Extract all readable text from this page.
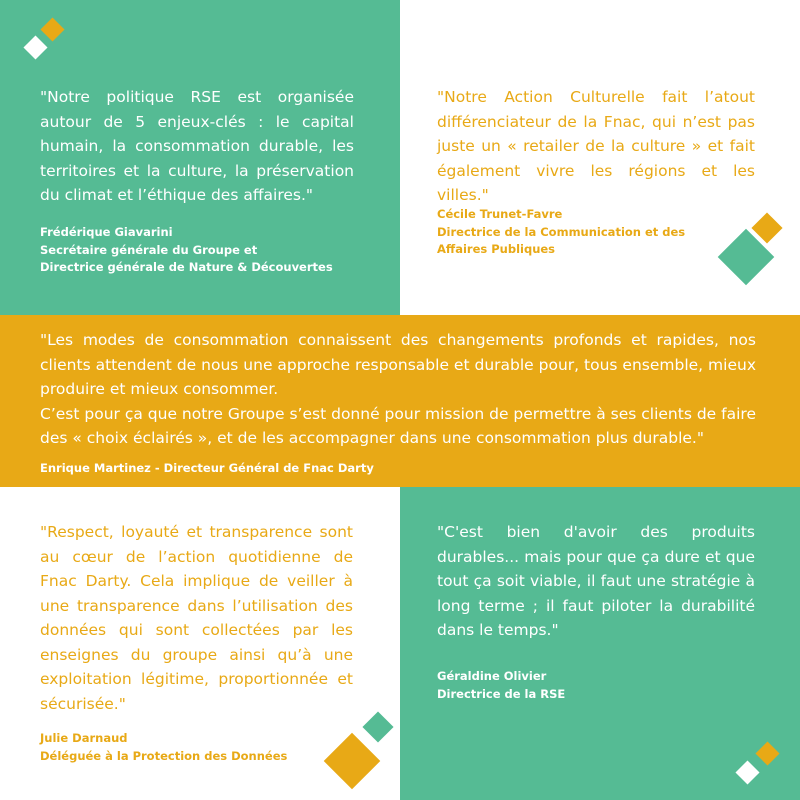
"Notre politique RSE est organisée autour de 5 enjeux-clés : le capital humain, la consommation durable, les territoires et la culture, la préservation du climat et l’éthique des affaires."

Frédérique Giavarini
Secrétaire générale du Groupe et
Directrice générale de Nature & Découvertes

"Notre Action Culturelle fait l’atout différenciateur de la Fnac, qui n’est pas juste un « retailer de la culture » et fait également vivre les régions et les villes."

Cécile Trunet-Favre
Directrice de la Communication et des
Affaires Publiques
"Les modes de consommation connaissent des changements profonds et rapides, nos clients attendent de nous une approche responsable et durable pour, tous ensemble, mieux produire et mieux consommer.
C’est pour ça que notre Groupe s’est donné pour mission de permettre à ses clients de faire des « choix éclairés », et de les accompagner dans une consommation plus durable."
Enrique Martinez - Directeur Général de Fnac Darty

"Respect, loyauté et transparence sont au cœur de l’action quotidienne de Fnac Darty. Cela implique de veiller à une transparence dans l’utilisation des données qui sont collectées par les enseignes du groupe ainsi qu’à une exploitation légitime, proportionnée et sécurisée."

Julie Darnaud
Déléguée à la Protection des Données

"C'est bien d'avoir des produits durables... mais pour que ça dure et que tout ça soit viable, il faut une stratégie à long terme ; il faut piloter la durabilité dans le temps."

Géraldine Olivier
Directrice de la RSE
